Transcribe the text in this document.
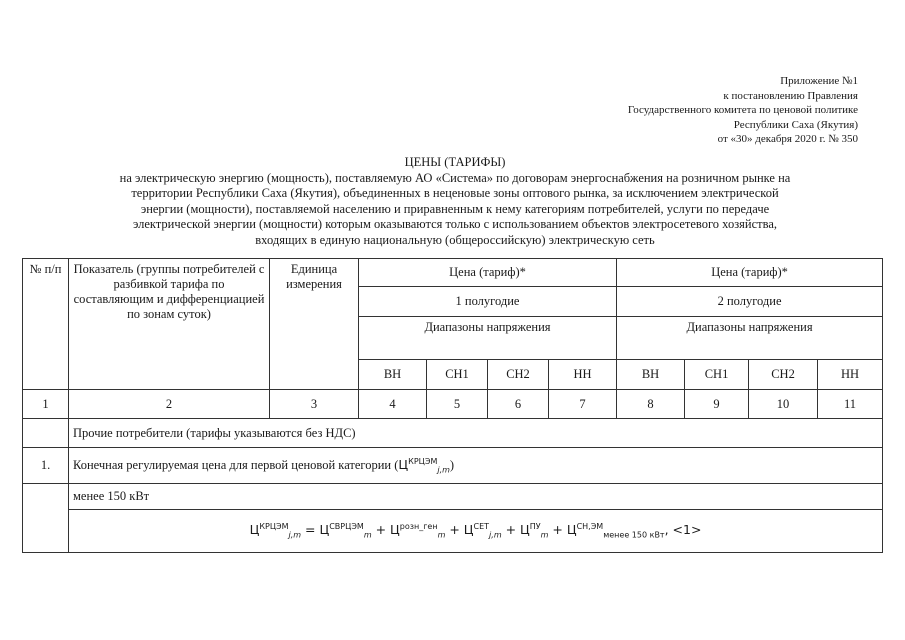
Приложение №1
к постановлению Правления
Государственного комитета по ценовой политике
Республики Саха (Якутия)
от «30» декабря 2020 г. № 350
ЦЕНЫ (ТАРИФЫ)
на электрическую энергию (мощность), поставляемую АО «Система» по договорам энергоснабжения на розничном рынке на
территории Республики Саха (Якутия), объединенных в неценовые зоны оптового рынка, за исключением электрической
энергии (мощности), поставляемой населению и приравненным к нему категориям потребителей, услуги по передаче
электрической энергии (мощности) которым оказываются только с использованием объектов электросетевого хозяйства,
входящих в единую национальную (общероссийскую) электрическую сеть
№ п/п	Показатель (группы потребителей с разбивкой тарифа по составляющим и дифференциацией по зонам суток)	Единица измерения	Цена (тариф)*				Цена (тариф)*			
			1 полугодие				2 полугодие			
			Диапазоны напряжения				Диапазоны напряжения			
			ВН	СН1	СН2	НН	ВН	СН1	СН2	НН
1	2	3	4	5	6	7	8	9	10	11
	Прочие потребители (тарифы указываются без НДС)									
1.	Конечная регулируемая цена для первой ценовой категории $(Ц^{КРЦЭМ}_{j,m})$									
	менее 150 кВт									
	$Ц^{КРЦЭМ}_{j,m} = Ц^{СВРЦЭМ}_m + Ц^{розн\_ген}_m + Ц^{СЕТ}_{j,m} + Ц^{ПУ}_m + Ц^{СН,ЭМ}_{менее 150 кВт}$, <1>									
